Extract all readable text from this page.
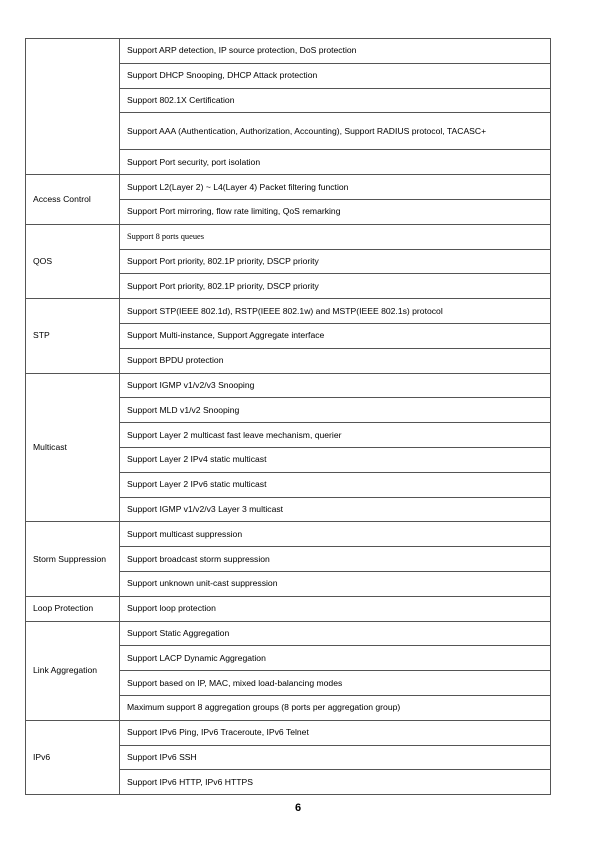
	Support ARP detection, IP source protection, DoS protection
	Support DHCP Snooping, DHCP Attack protection
	Support 802.1X Certification
	Support AAA (Authentication, Authorization, Accounting), Support RADIUS protocol, TACASC+
	Support Port security, port isolation
Access Control	Support L2(Layer 2) ~ L4(Layer 4) Packet filtering function
	Support Port mirroring, flow rate limiting, QoS remarking
QOS	Support 8 ports queues
	Support Port priority, 802.1P priority, DSCP priority
	Support Port priority, 802.1P priority, DSCP priority
STP	Support STP(IEEE 802.1d), RSTP(IEEE 802.1w) and MSTP(IEEE 802.1s) protocol
	Support Multi-instance, Support Aggregate interface
	Support BPDU protection
Multicast	Support IGMP v1/v2/v3 Snooping
	Support MLD v1/v2 Snooping
	Support Layer 2 multicast fast leave mechanism, querier
	Support Layer 2 IPv4 static multicast
	Support Layer 2 IPv6 static multicast
	Support IGMP v1/v2/v3 Layer 3 multicast
Storm Suppression	Support multicast suppression
	Support broadcast storm suppression
	Support unknown unit-cast suppression
Loop Protection	Support loop protection
Link Aggregation	Support Static Aggregation
	Support LACP Dynamic Aggregation
	Support based on IP, MAC, mixed load-balancing modes
	Maximum support 8 aggregation groups (8 ports per aggregation group)
IPv6	Support IPv6 Ping, IPv6 Traceroute, IPv6 Telnet
	Support IPv6 SSH
	Support IPv6 HTTP, IPv6 HTTPS
6
